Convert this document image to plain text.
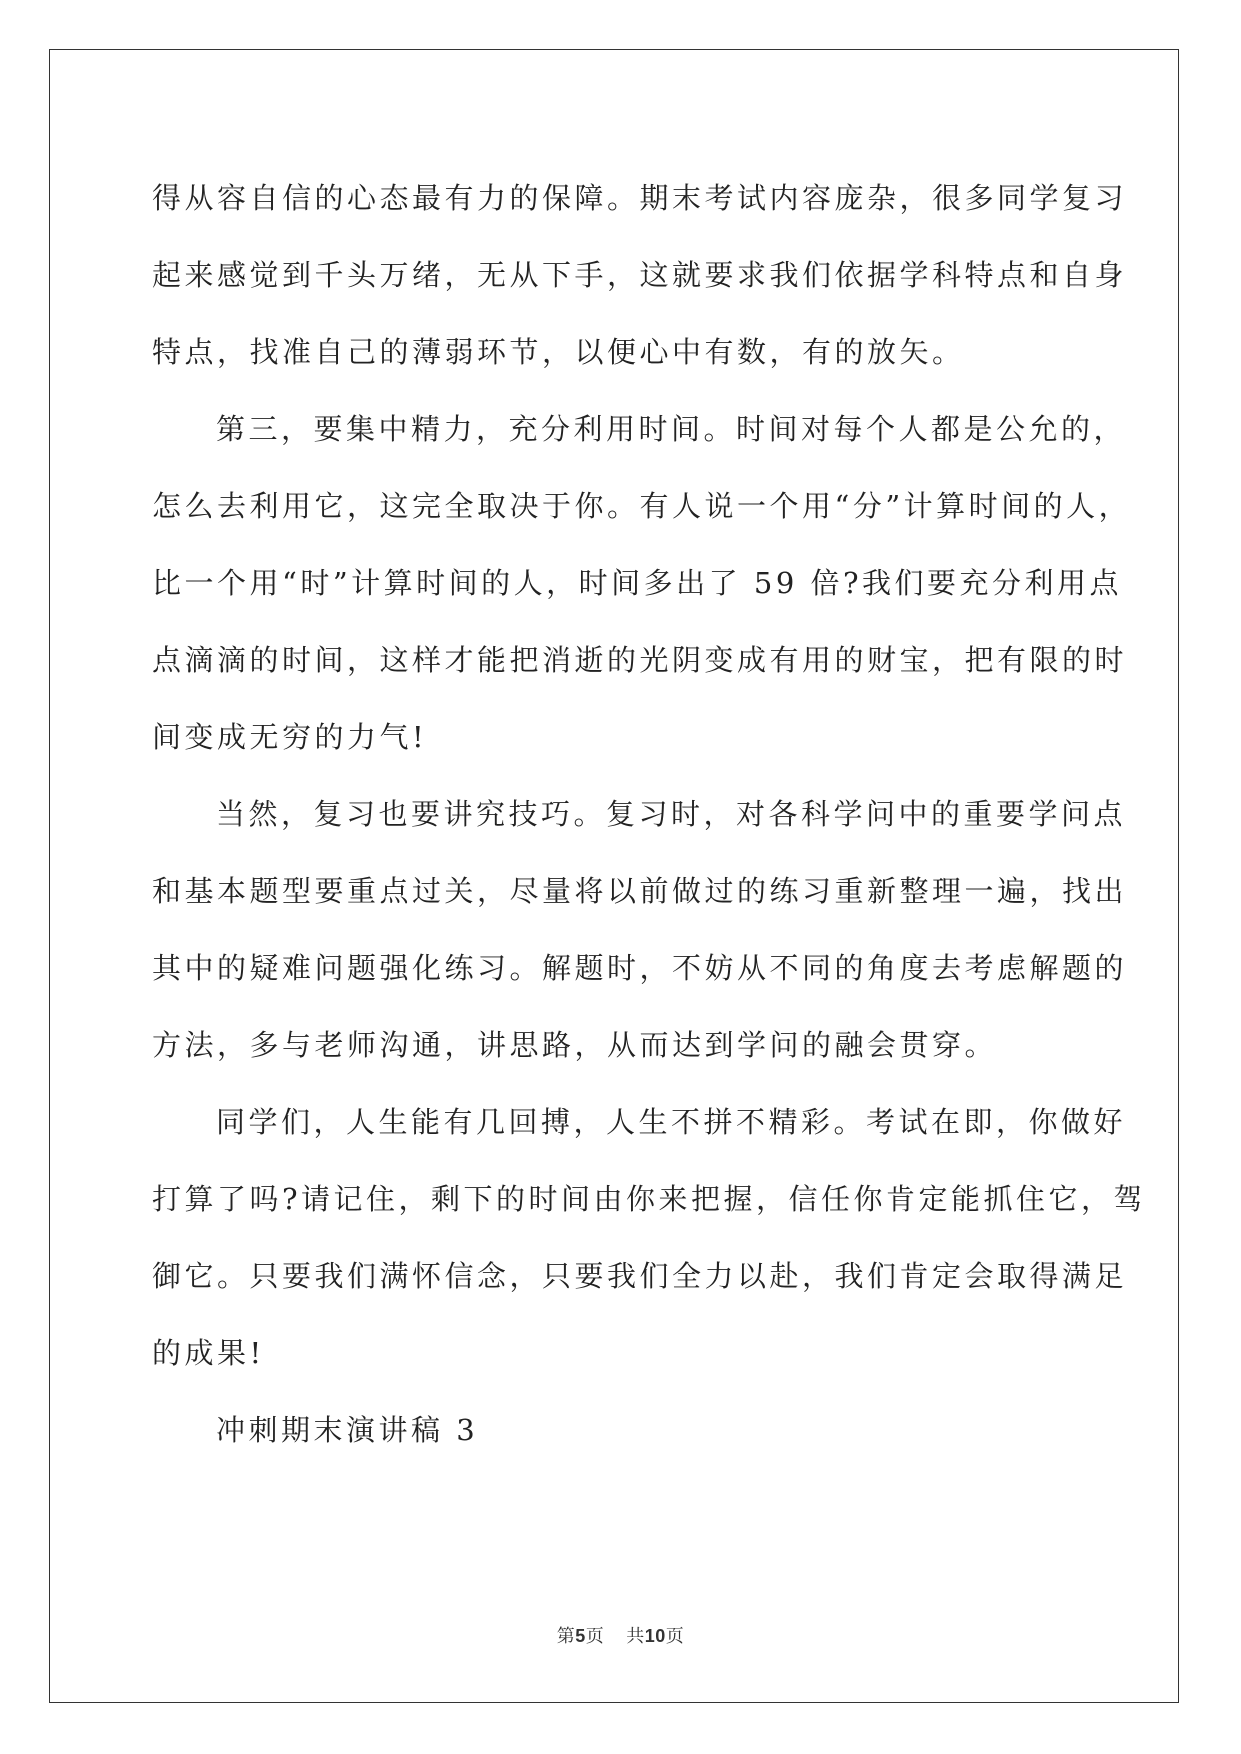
得从容自信的心态最有力的保障。期末考试内容庞杂，很多同学复习
起来感觉到千头万绪，无从下手，这就要求我们依据学科特点和自身
特点，找准自己的薄弱环节，以便心中有数，有的放矢。

第三，要集中精力，充分利用时间。时间对每个人都是公允的，
怎么去利用它，这完全取决于你。有人说一个用“分”计算时间的人，
比一个用“时”计算时间的人，时间多出了 59 倍?我们要充分利用点
点滴滴的时间，这样才能把消逝的光阴变成有用的财宝，把有限的时
间变成无穷的力气!

当然，复习也要讲究技巧。复习时，对各科学问中的重要学问点
和基本题型要重点过关，尽量将以前做过的练习重新整理一遍，找出
其中的疑难问题强化练习。解题时，不妨从不同的角度去考虑解题的
方法，多与老师沟通，讲思路，从而达到学问的融会贯穿。

同学们，人生能有几回搏，人生不拼不精彩。考试在即，你做好
打算了吗?请记住，剩下的时间由你来把握，信任你肯定能抓住它，驾
御它。只要我们满怀信念，只要我们全力以赴，我们肯定会取得满足
的成果!

冲刺期末演讲稿 3

第5页 共10页
